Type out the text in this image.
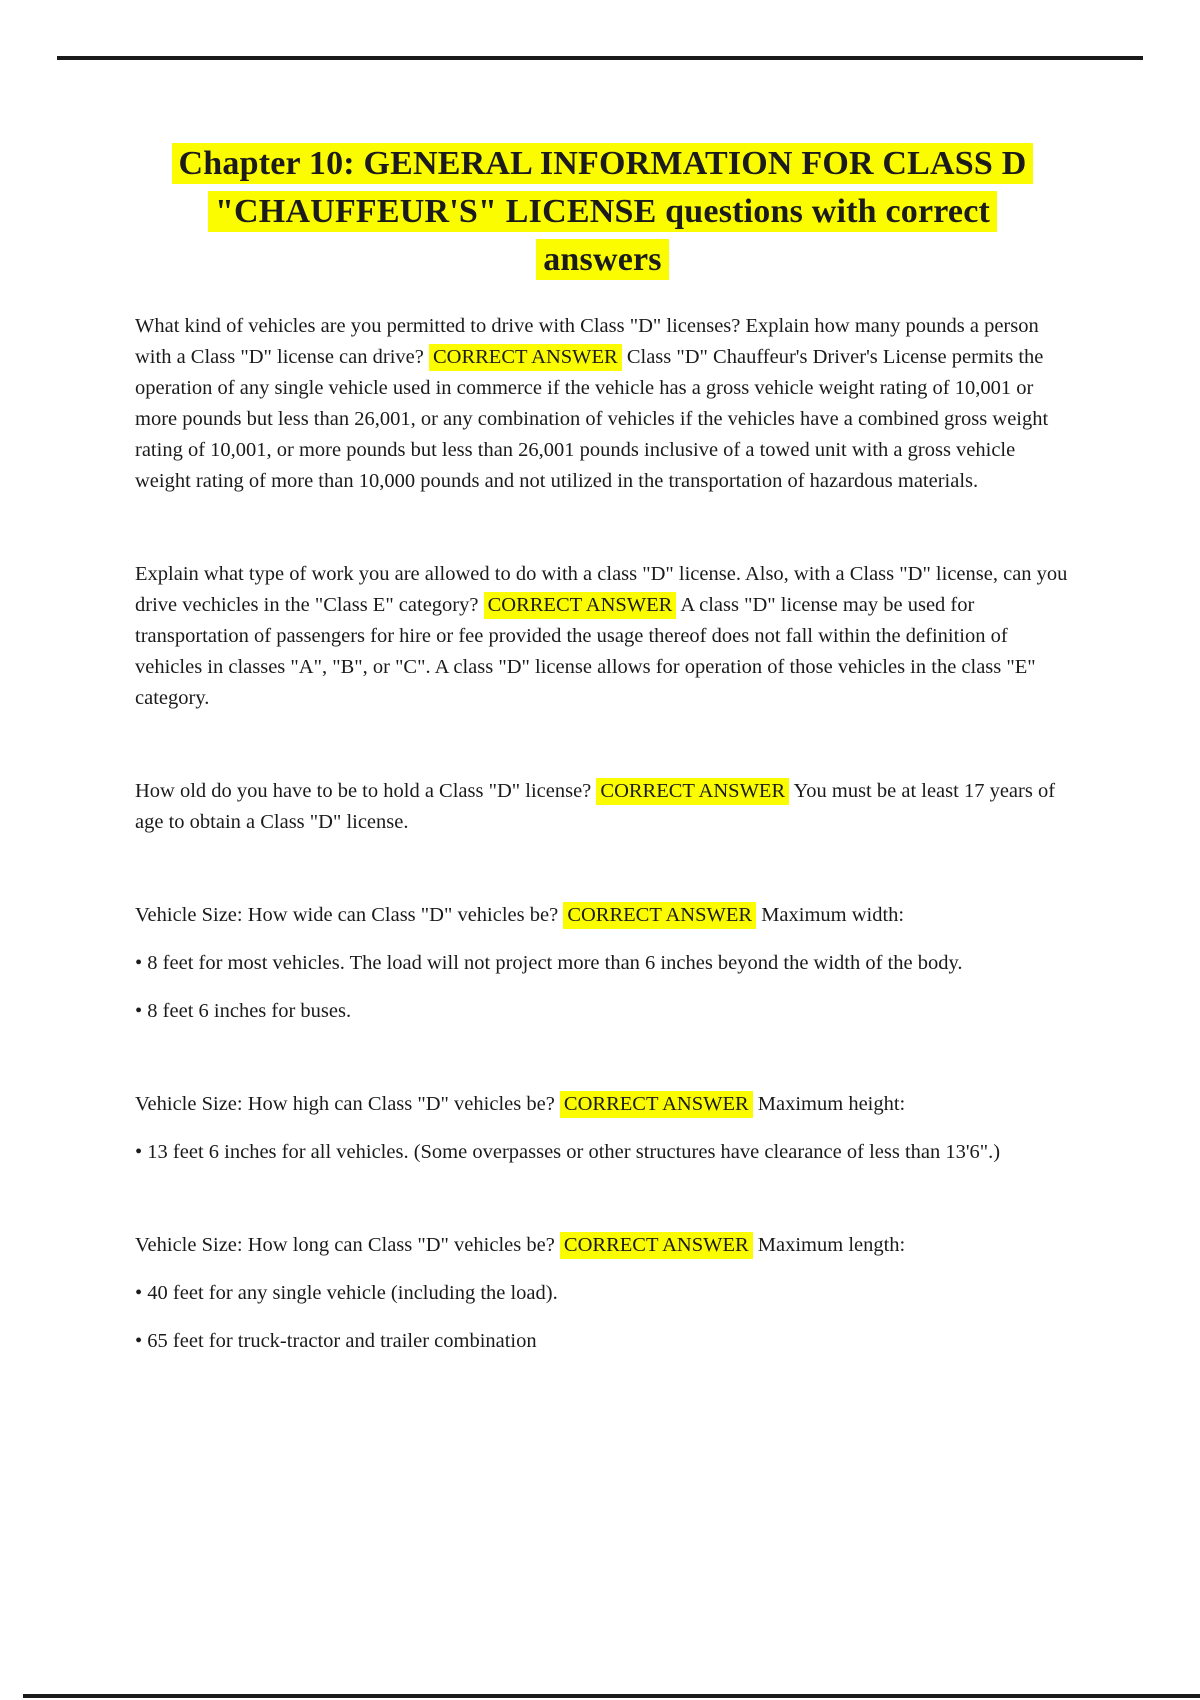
Chapter 10: GENERAL INFORMATION FOR CLASS D
"CHAUFFEUR'S" LICENSE questions with correct
answers

What kind of vehicles are you permitted to drive with Class "D" licenses? Explain how many pounds a person with a Class "D" license can drive? CORRECT ANSWER Class "D" Chauffeur's Driver's License permits the operation of any single vehicle used in commerce if the vehicle has a gross vehicle weight rating of 10,001 or more pounds but less than 26,001, or any combination of vehicles if the vehicles have a combined gross weight rating of 10,001, or more pounds but less than 26,001 pounds inclusive of a towed unit with a gross vehicle weight rating of more than 10,000 pounds and not utilized in the transportation of hazardous materials.

Explain what type of work you are allowed to do with a class "D" license. Also, with a Class "D" license, can you drive vechicles in the "Class E" category? CORRECT ANSWER A class "D" license may be used for transportation of passengers for hire or fee provided the usage thereof does not fall within the definition of vehicles in classes "A", "B", or "C". A class "D" license allows for operation of those vehicles in the class "E" category.

How old do you have to be to hold a Class "D" license? CORRECT ANSWER You must be at least 17 years of age to obtain a Class "D" license.

Vehicle Size: How wide can Class "D" vehicles be? CORRECT ANSWER Maximum width:

• 8 feet for most vehicles. The load will not project more than 6 inches beyond the width of the body.

• 8 feet 6 inches for buses.

Vehicle Size: How high can Class "D" vehicles be? CORRECT ANSWER Maximum height:

• 13 feet 6 inches for all vehicles. (Some overpasses or other structures have clearance of less than 13'6".)

Vehicle Size: How long can Class "D" vehicles be? CORRECT ANSWER Maximum length:

• 40 feet for any single vehicle (including the load).

• 65 feet for truck-tractor and trailer combination
